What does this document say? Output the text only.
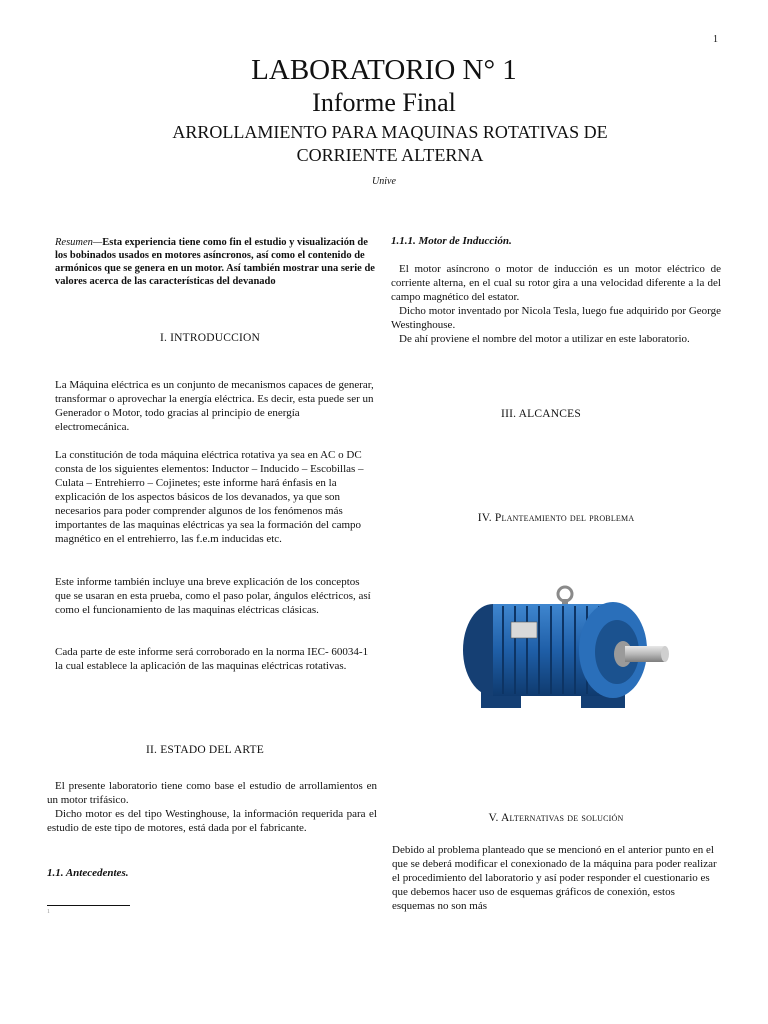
1
LABORATORIO N° 1
Informe Final
ARROLLAMIENTO PARA MAQUINAS ROTATIVAS DE CORRIENTE ALTERNA
Unive
Resumen—Esta experiencia tiene como fin el estudio y visualización de los bobinados usados en motores asíncronos, así como el contenido de armónicos que se genera en un motor. Así también mostrar una serie de valores acerca de las características del devanado
I. INTRODUCCION

La Máquina eléctrica es un conjunto de mecanismos capaces de generar, transformar o aprovechar la energía eléctrica. Es decir, esta puede ser un Generador o Motor, todo gracias al principio de energía electromecánica.

La constitución de toda máquina eléctrica rotativa ya sea en AC o DC consta de los siguientes elementos: Inductor – Inducido – Escobillas – Culata – Entrehierro – Cojinetes; este informe hará énfasis en la explicación de los aspectos básicos de los devanados, ya que son necesarios para poder comprender algunos de los fenómenos más importantes de las maquinas eléctricas ya sea la formación del campo magnético en el entrehierro, las f.e.m inducidas etc.

Este informe también incluye una breve explicación de los conceptos que se usaran en esta prueba, como el paso polar, ángulos eléctricos, así como el funcionamiento de las maquinas eléctricas clásicas.

Cada parte de este informe será corroborado en la norma IEC- 60034-1 la cual establece la aplicación de las maquinas eléctricas rotativas.

II. ESTADO DEL ARTE

El presente laboratorio tiene como base el estudio de arrollamientos en un motor trifásico.

Dicho motor es del tipo Westinghouse, la información requerida para el estudio de este tipo de motores, está dada por el fabricante.

1.1. Antecedentes.
1
1.1.1. Motor de Inducción.

El motor asíncrono o motor de inducción es un motor eléctrico de corriente alterna, en el cual su rotor gira a una velocidad diferente a la del campo magnético del estator.

Dicho motor inventado por Nicola Tesla, luego fue adquirido por George Westinghouse.

De ahí proviene el nombre del motor a utilizar en este laboratorio.

III. ALCANCES
IV. Planteamiento del problema
V. Alternativas de solución

Debido al problema planteado que se mencionó en el anterior punto en el que se deberá modificar el conexionado de la máquina para poder realizar el procedimiento del laboratorio y así poder responder el cuestionario es que debemos hacer uso de esquemas gráficos de conexión, estos esquemas no son más
